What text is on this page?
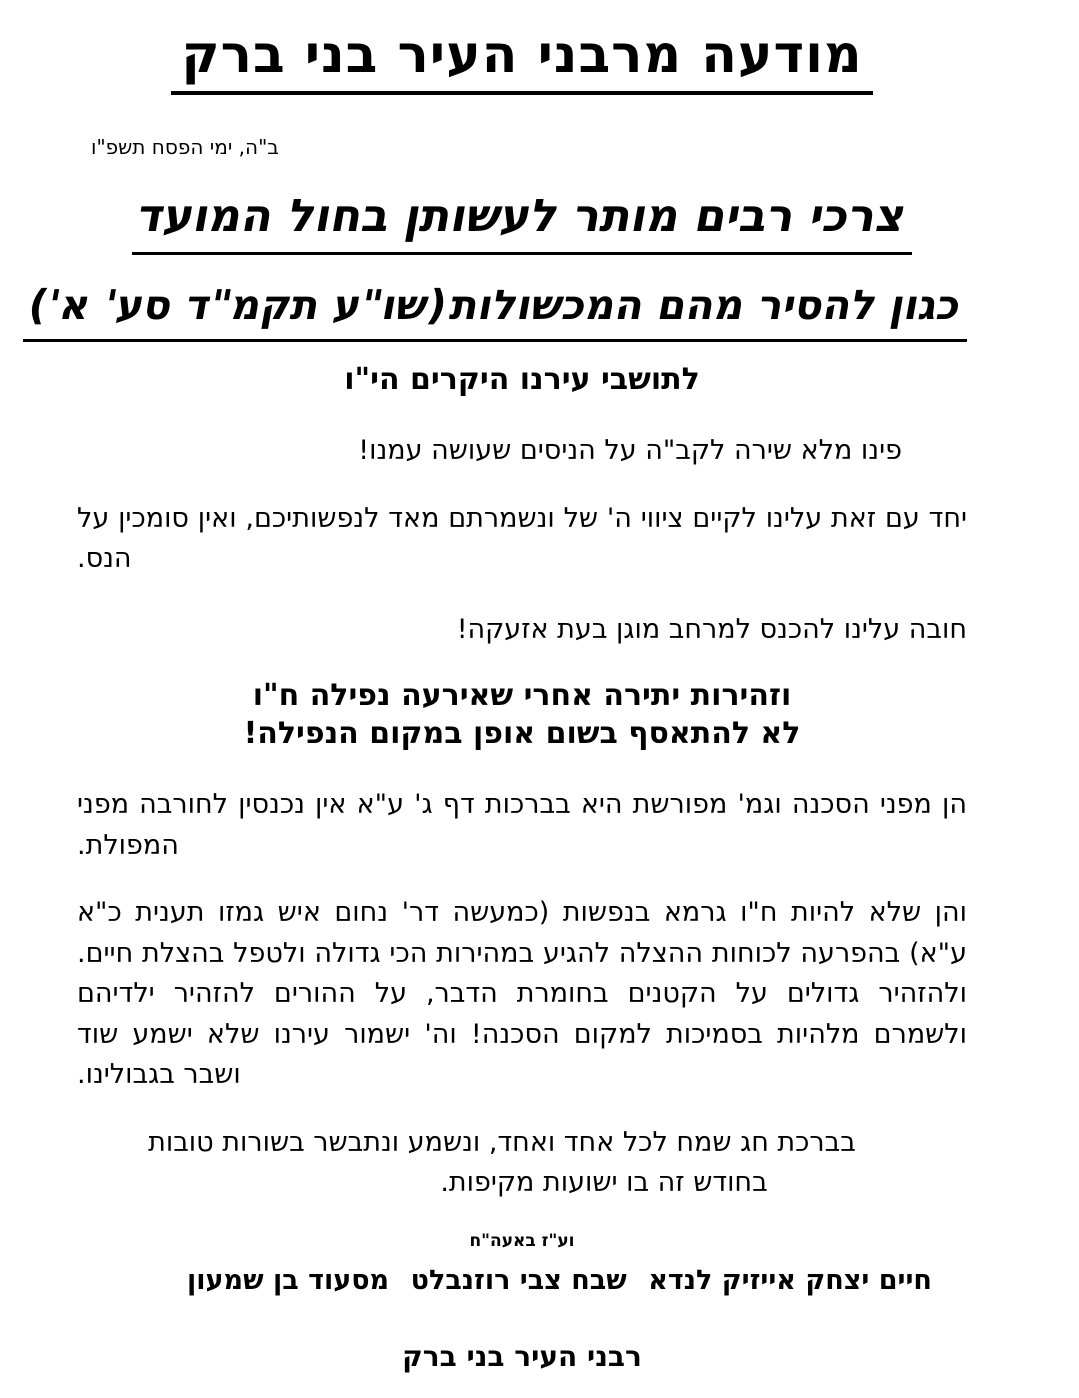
מודעה מרבני העיר בני ברק
ב"ה, ימי הפסח תשפ"ו
צרכי רבים מותר לעשותן בחול המועד
כגון להסיר מהם המכשולות (שו"ע תקמ"ד סע' א')
לתושבי עירנו היקרים הי"ו

פינו מלא שירה לקב"ה על הניסים שעושה עמנו!

יחד עם זאת עלינו לקיים ציווי ה' של ונשמרתם מאד לנפשותיכם, ואין סומכין על הנס.

חובה עלינו להכנס למרחב מוגן בעת אזעקה!

וזהירות יתירה אחרי שאירעה נפילה ח"ו
לא להתאסף בשום אופן במקום הנפילה!

הן מפני הסכנה וגמ' מפורשת היא בברכות דף ג' ע"א אין נכנסין לחורבה מפני המפולת.

והן שלא להיות ח"ו גרמא בנפשות (כמעשה דר' נחום איש גמזו תענית כ"א ע"א) בהפרעה לכוחות ההצלה להגיע במהירות הכי גדולה ולטפל בהצלת חיים. ולהזהיר גדולים על הקטנים בחומרת הדבר, על ההורים להזהיר ילדיהם ולשמרם מלהיות בסמיכות למקום הסכנה! וה' ישמור עירנו שלא ישמע שוד ושבר בגבולינו.

בברכת חג שמח לכל אחד ואחד, ונשמע ונתבשר בשורות טובות
בחודש זה בו ישועות מקיפות.
וע"ז באעה"ח
חיים יצחק אייזיק לנדא
שבח צבי רוזנבלט
מסעוד בן שמעון
רבני העיר בני ברק
